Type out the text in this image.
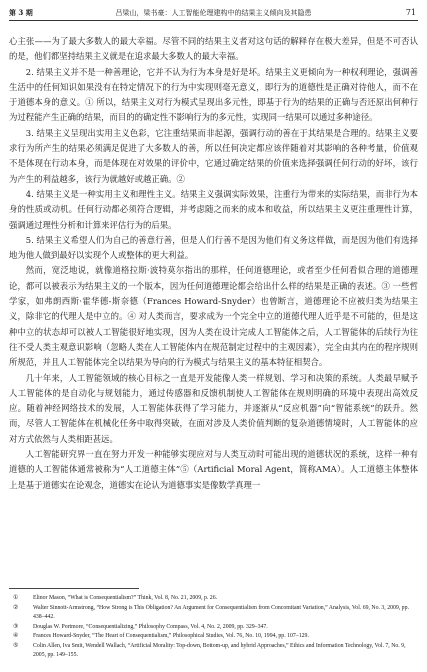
第 3 期	吕梁山，梁书豪：人工智能伦理建构中的结果主义倾向及其隐患	71

心主张——为了最大多数人的最大幸福。尽管不同的结果主义者对这句话的解释存在极大差异，但是不可否认的是，他们都坚持结果主义就是在追求最大多数人的最大幸福。

2. 结果主义并不是一种善理论，它并不认为行为本身是好是坏。结果主义更倾向为一种权利理论，强调善生活中的任何知识如果没有在特定情况下的行为中实现则毫无意义，即行为的道德性是正确对待他人，而不在于道德本身的意义。① 所以，结果主义对行为模式呈现出多元性，即基于行为的结果的正确与否还原出何种行为过程能产生正确的结果，而目的的确定性不影响行为的多元性，实现同一结果可以通过多种途径。

3. 结果主义呈现出实用主义色彩，它注重结果而非起源，强调行动的善在于其结果是合理的。结果主义要求行为所产生的结果必须满足促进了大多数人的善，所以任何决定都应该伴随着对其影响的各种考量，价值观不是体现在行动本身，而是体现在对效果的评价中，它通过确定结果的价值来选择强调任何行动的好坏，该行为产生的利益越多，该行为就越好或越正确。②

4. 结果主义是一种实用主义和理性主义。结果主义强调实际效果，注重行为带来的实际结果，而非行为本身的性质或动机。任何行动都必须符合逻辑，并考虑随之而来的成本和收益，所以结果主义更注重理性计算，强调通过理性分析和计算来评估行为的后果。

5. 结果主义希望人们为自己的善意行善，但是人们行善不是因为他们有义务这样做，而是因为他们有选择地为他人做到最好以实现个人或整体的更大利益。

然而，宽泛地说，就像道格拉斯·波特莫尔指出的那样，任何道德理论，或者至少任何看似合理的道德理论，都可以被表示为结果主义的一个版本，因为任何道德理论都会给出什么样的结果是正确的表述。③ 一些哲学家，如弗朗西斯·霍华德-斯奈德（Frances Howard-Snyder）也曾断言，道德理论不应被归类为结果主义，除非它的代理人是中立的。④ 对人类而言，要求成为一个完全中立的道德代理人近乎是不可能的，但是这种中立的状态却可以被人工智能很好地实现，因为人类在设计完成人工智能体之后，人工智能体的后续行为往往不受人类主观意识影响（忽略人类在人工智能体内在规范制定过程中的主观因素），完全由其内在的程序规则所规范，并且人工智能体完全以结果为导向的行为模式与结果主义的基本特征相契合。

几十年来，人工智能领域的核心目标之一直是开发能像人类一样规划、学习和决策的系统。人类最早赋予人工智能体的是自动化与规划能力，通过传感器和反馈机制使人工智能体在规则明确的环境中表现出高效反应。随着神经网络技术的发展，人工智能体获得了学习能力，并逐渐从“反应机器”向“智能系统”的跃升。然而，尽管人工智能体在机械化任务中取得突破，在面对涉及人类价值判断的复杂道德情境时，人工智能体的应对方式依然与人类相距甚远。

人工智能研究界一直在努力开发一种能够实现应对与人类互动时可能出现的道德状况的系统，这样一种有道德的人工智能体通常被称为“人工道德主体”⑤（Artificial Moral Agent，简称AMA）。人工道德主体整体上是基于道德实在论观念，道德实在论认为道德事实是像数学真理一

①	Elinor Mason, “What is Consequentialism?” Think, Vol. 8, No. 21, 2009, p. 26.
②	Walter Sinnott-Armstrong, “How Strong is This Obligation? An Argument for Consequentialism from Concomitant Variation,” Analysis, Vol. 69, No. 3, 2009, pp. 438–442.
③	Douglas W. Portmore, “Consequentializing,” Philosophy Compass, Vol. 4, No. 2, 2009, pp. 329–347.
④	Frances Howard-Snyder, “The Heart of Consequentialism,” Philosophical Studies, Vol. 76, No. 10, 1994, pp. 107–129.
⑤	Colin Allen, Iva Smit, Wendell Wallach, “Artificial Morality: Top-down, Bottom-up, and hybrid Approaches,” Ethics and Information Technology, Vol. 7, No. 9, 2005, pp. 149–155.
